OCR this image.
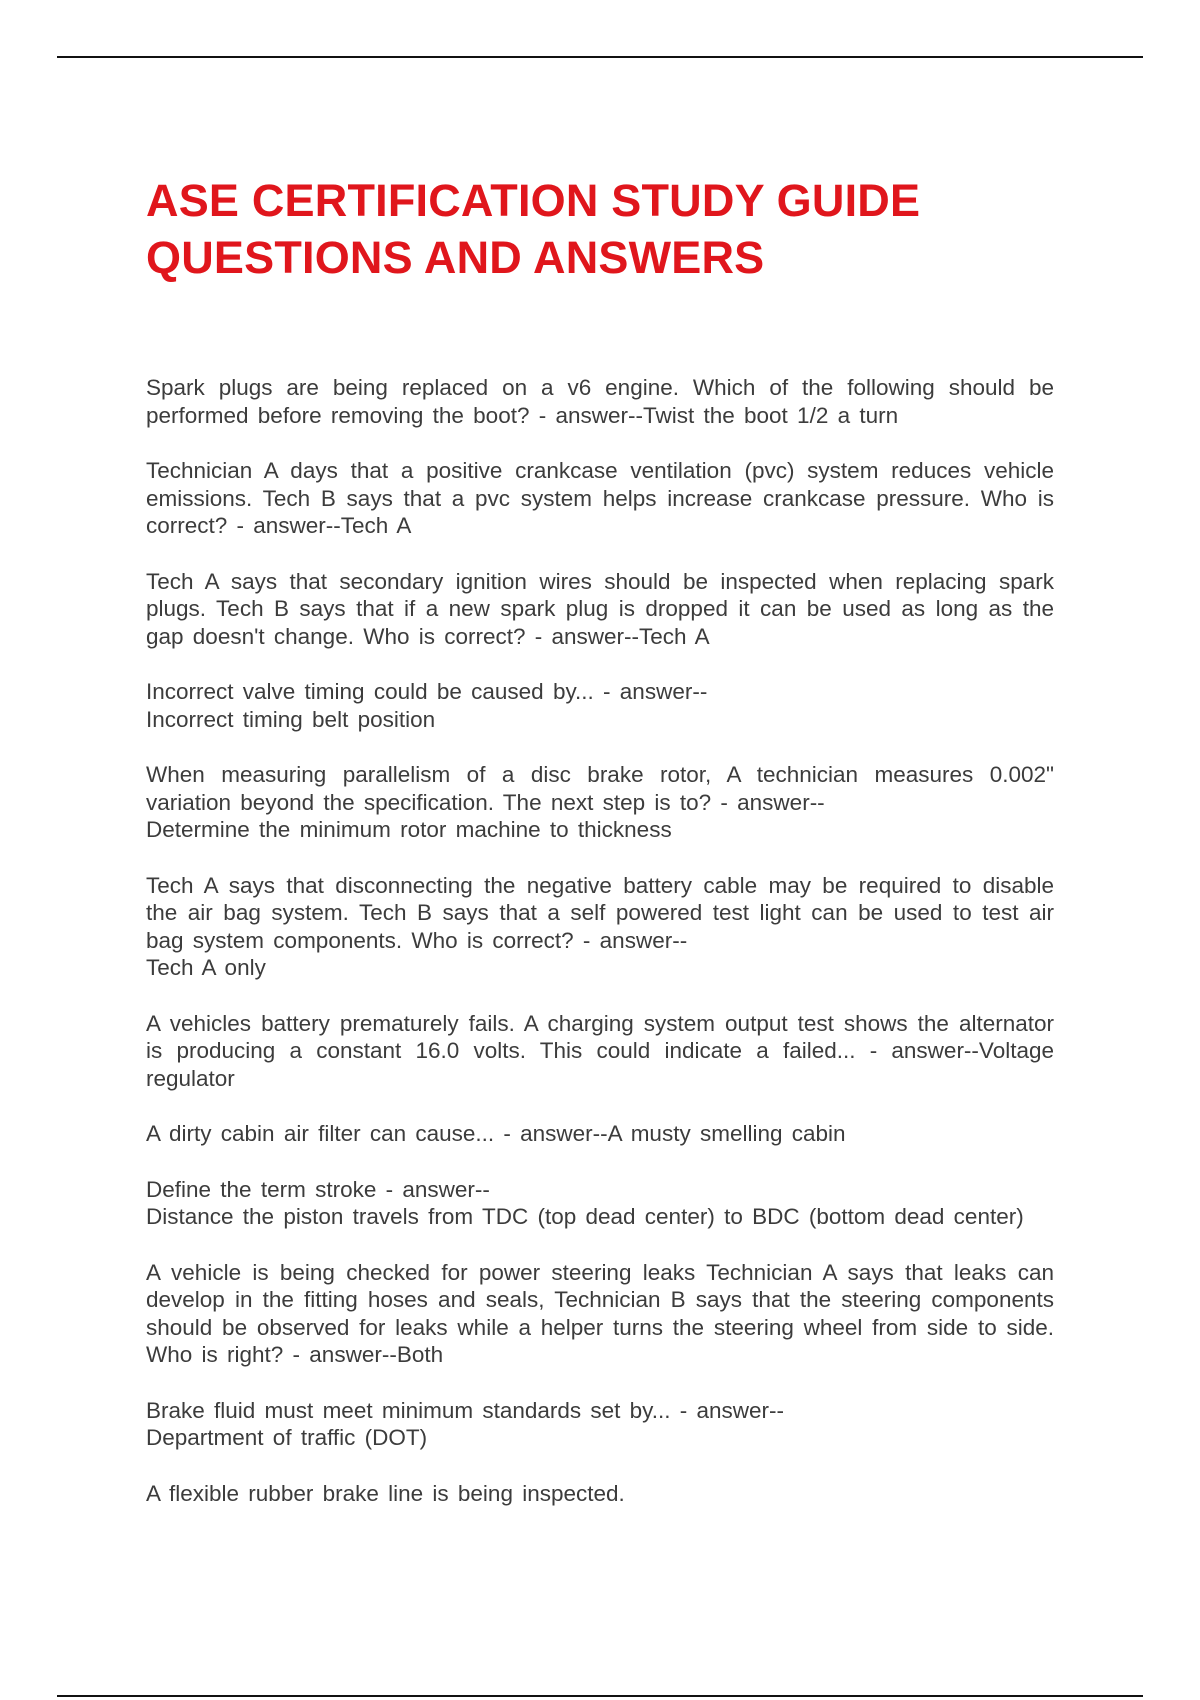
ASE CERTIFICATION STUDY GUIDE
QUESTIONS AND ANSWERS

Spark plugs are being replaced on a v6 engine. Which of the following should be performed before removing the boot? - answer--Twist the boot 1/2 a turn

Technician A days that a positive crankcase ventilation (pvc) system reduces vehicle emissions. Tech B says that a pvc system helps increase crankcase pressure. Who is correct? - answer--Tech A

Tech A says that secondary ignition wires should be inspected when replacing spark plugs. Tech B says that if a new spark plug is dropped it can be used as long as the gap doesn't change. Who is correct? - answer--Tech A

Incorrect valve timing could be caused by... - answer--
Incorrect timing belt position

When measuring parallelism of a disc brake rotor, A technician measures 0.002" variation beyond the specification. The next step is to? - answer--
Determine the minimum rotor machine to thickness

Tech A says that disconnecting the negative battery cable may be required to disable the air bag system. Tech B says that a self powered test light can be used to test air bag system components. Who is correct? - answer--
Tech A only

A vehicles battery prematurely fails. A charging system output test shows the alternator is producing a constant 16.0 volts. This could indicate a failed... - answer--Voltage regulator

A dirty cabin air filter can cause... - answer--A musty smelling cabin

Define the term stroke - answer--
Distance the piston travels from TDC (top dead center) to BDC (bottom dead center)

A vehicle is being checked for power steering leaks Technician A says that leaks can develop in the fitting hoses and seals, Technician B says that the steering components should be observed for leaks while a helper turns the steering wheel from side to side. Who is right? - answer--Both

Brake fluid must meet minimum standards set by... - answer--
Department of traffic (DOT)

A flexible rubber brake line is being inspected.
